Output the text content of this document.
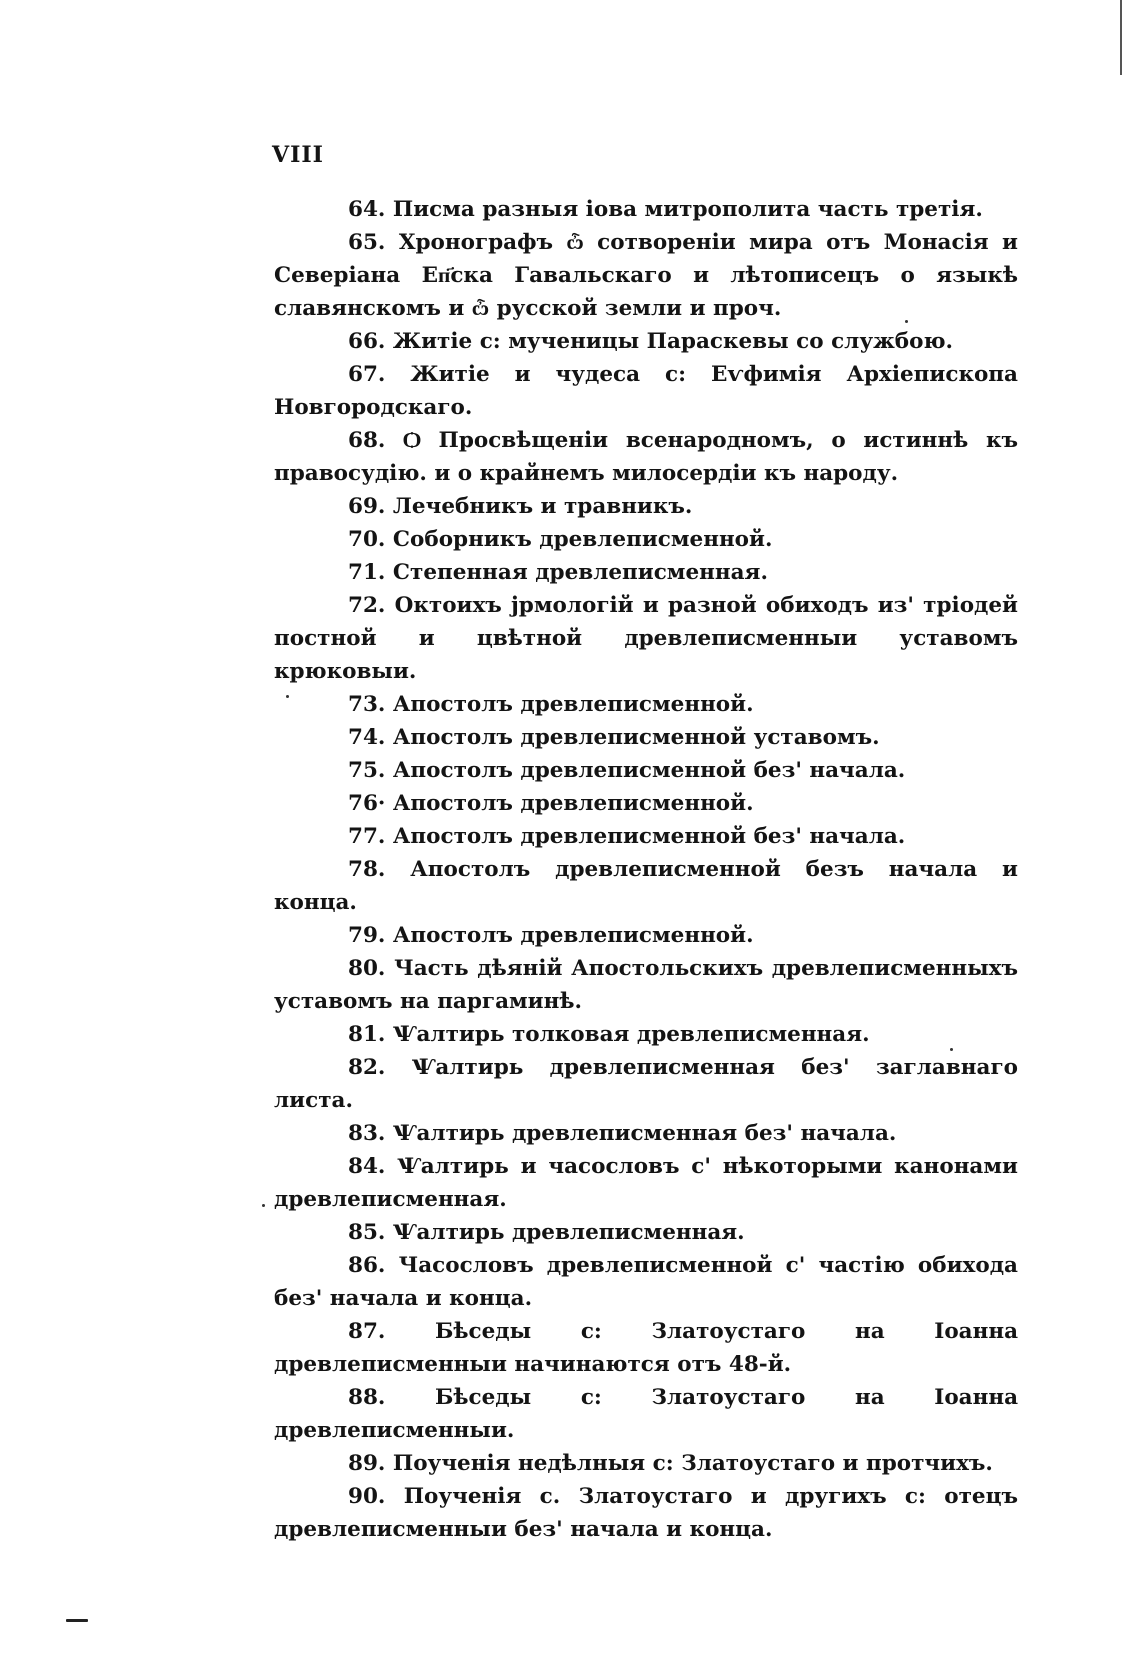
VIII

64. Писма разныя іова митрополита часть третія.

65. Хронографъ ѽ сотвореніи мира отъ Монасія и Северіана Еп҃скa Гавальскаго и лѣтописецъ о языкѣ славянскомъ и ѽ русской земли и проч.

66. Житіе с: мученицы Параскевы со службою.

67. Житіе и чудеса с: Еѵфимія Архіепископа Новгородскаго.

68. Ѻ Просвѣщеніи всенародномъ, о истиннѣ къ правосудію. и о крайнемъ милосердіи къ народу.

69. Лечебникъ и травникъ.

70. Соборникъ древлеписменной.

71. Степенная древлеписменная.

72. Октоихъ јрмологій и разной обиходъ из' тріодей постной и цвѣтной древлеписменныи уставомъ крюковыи.

73. Апостолъ древлеписменной.

74. Апостолъ древлеписменной уставомъ.

75. Апостолъ древлеписменной без' начала.

76· Апостолъ древлеписменной.

77. Апостолъ древлеписменной без' начала.

78. Апостолъ древлеписменной безъ начала и конца.

79. Апостолъ древлеписменной.

80. Часть дѣяній Апостольскихъ древлеписменныхъ уставомъ на паргаминѣ.

81. Ѱалтирь толковая древлеписменная.

82. Ѱалтирь древлеписменная без' заглавнаго листа.

83. Ѱалтирь древлеписменная без' начала.

84. Ѱалтирь и часословъ с' нѣкоторыми канонами древлеписменная.

85. Ѱалтирь древлеписменная.

86. Часословъ древлеписменной с' частію обихода без' начала и конца.

87. Бѣседы с: Златоустаго на Іоанна древлеписменныи начинаются отъ 48-й.

88. Бѣседы с: Златоустаго на Іоанна древлеписменныи.

89. Поученія недѣлныя с: Златоустаго и протчихъ.

90. Поученія с. Златоустаго и другихъ с: отецъ древлеписменныи без' начала и конца.
